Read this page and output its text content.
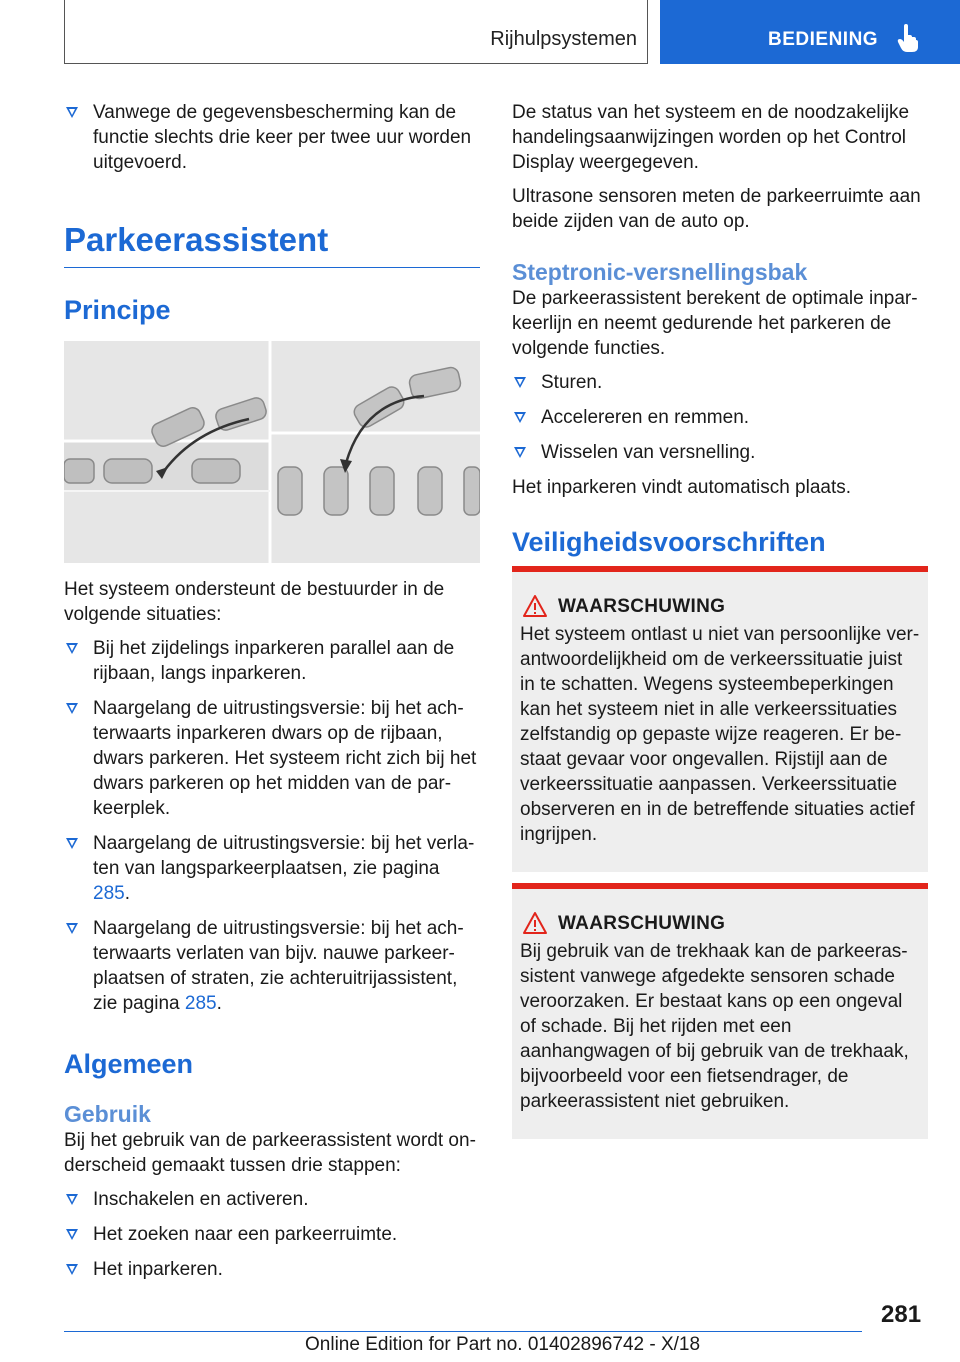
Rijhulpsystemen	BEDIENING
Vanwege de gegevensbescherming kan de functie slechts drie keer per twee uur worden uitgevoerd.
Parkeerassistent
Principe

Het systeem ondersteunt de bestuurder in de volgende situaties:

Bij het zijdelings inparkeren parallel aan de rijbaan, langs inparkeren.
Naargelang de uitrustingsversie: bij het achterwaarts inparkeren dwars op de rijbaan, dwars parkeren. Het systeem richt zich bij het dwars parkeren op het midden van de parkeerplek.
Naargelang de uitrustingsversie: bij het verlaten van langsparkeerplaatsen, zie pagina 285.
Naargelang de uitrustingsversie: bij het achterwaarts verlaten van bijv. nauwe parkeerplaatsen of straten, zie achteruitrijassistent, zie pagina 285.
Algemeen
Gebruik

Bij het gebruik van de parkeerassistent wordt onderscheid gemaakt tussen drie stappen:

Inschakelen en activeren.
Het zoeken naar een parkeerruimte.
Het inparkeren.

De status van het systeem en de noodzakelijke handelingsaanwijzingen worden op het Control Display weergegeven.

Ultrasone sensoren meten de parkeerruimte aan beide zijden van de auto op.

Steptronic-versnellingsbak

De parkeerassistent berekent de optimale inparkeerlijn en neemt gedurende het parkeren de volgende functies.

Sturen.
Accelereren en remmen.
Wisselen van versnelling.

Het inparkeren vindt automatisch plaats.

Veiligheidsvoorschriften
WAARSCHUWING
Het systeem ontlast u niet van persoonlijke verantwoordelijkheid om de verkeerssituatie juist in te schatten. Wegens systeembeperkingen kan het systeem niet in alle verkeerssituaties zelfstandig op gepaste wijze reageren. Er bestaat gevaar voor ongevallen. Rijstijl aan de verkeerssituatie aanpassen. Verkeerssituatie observeren en in de betreffende situaties actief ingrijpen.
WAARSCHUWING
Bij gebruik van de trekhaak kan de parkeerassistent vanwege afgedekte sensoren schade veroorzaken. Er bestaat kans op een ongeval of schade. Bij het rijden met een aanhangwagen of bij gebruik van de trekhaak, bijvoorbeeld voor een fietsendrager, de parkeerassistent niet gebruiken.
281
Online Edition for Part no. 01402896742 - X/18
